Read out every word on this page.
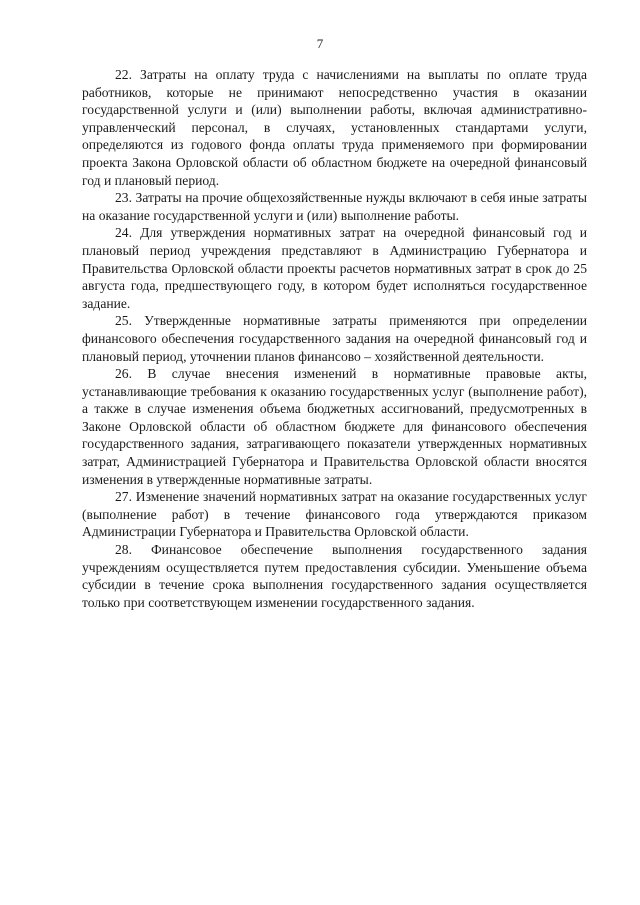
7

22. Затраты на оплату труда с начислениями на выплаты по оплате труда работников, которые не принимают непосредственно участия в оказании государственной услуги и (или) выполнении работы, включая административно-управленческий персонал, в случаях, установленных стандартами услуги, определяются из годового фонда оплаты труда применяемого при формировании проекта Закона Орловской области об областном бюджете на очередной финансовый год и плановый период.

23. Затраты на прочие общехозяйственные нужды включают в себя иные затраты на оказание государственной услуги и (или) выполнение работы.

24. Для утверждения нормативных затрат на очередной финансовый год и плановый период учреждения представляют в Администрацию Губернатора и Правительства Орловской области проекты расчетов нормативных затрат в срок до 25 августа года, предшествующего году, в котором будет исполняться государственное задание.

25. Утвержденные нормативные затраты применяются при определении финансового обеспечения государственного задания на очередной финансовый год и плановый период, уточнении планов финансово – хозяйственной деятельности.

26. В случае внесения изменений в нормативные правовые акты, устанавливающие требования к оказанию государственных услуг (выполнение работ), а также в случае изменения объема бюджетных ассигнований, предусмотренных в Законе Орловской области об областном бюджете для финансового обеспечения государственного задания, затрагивающего показатели утвержденных нормативных затрат, Администрацией Губернатора и Правительства Орловской области вносятся изменения в утвержденные нормативные затраты.

27. Изменение значений нормативных затрат на оказание государственных услуг (выполнение работ) в течение финансового года утверждаются приказом Администрации Губернатора и Правительства Орловской области.

28. Финансовое обеспечение выполнения государственного задания учреждениям осуществляется путем предоставления субсидии. Уменьшение объема субсидии в течение срока выполнения государственного задания осуществляется только при соответствующем изменении государственного задания.
